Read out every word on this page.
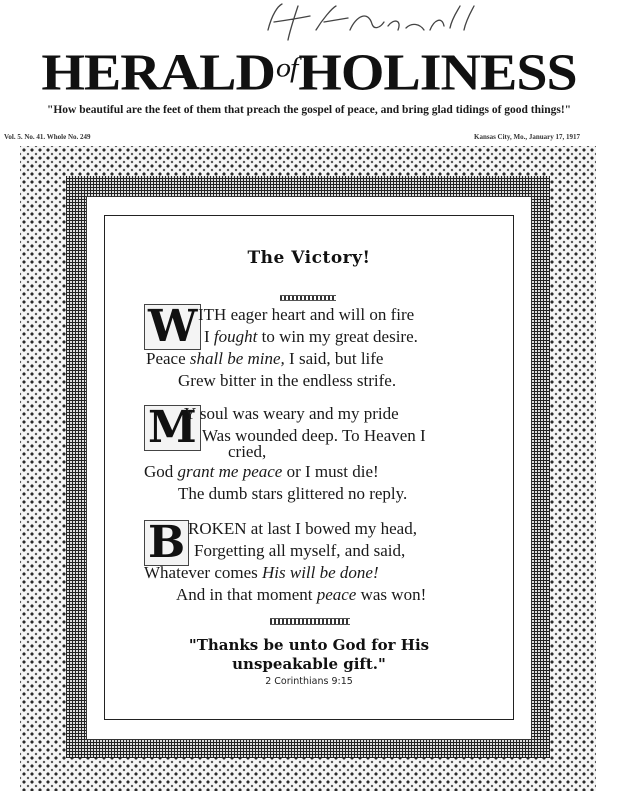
HERALDofHOLINESS
"How beautiful are the feet of them that preach the gospel of peace, and bring glad tidings of good things!"
Vol. 5. No. 41. Whole No. 249	Kansas City, Mo., January 17, 1917
The Victory!
W ITH eager heart and will on fire
I fought to win my great desire.
Peace shall be mine, I said, but life
Grew bitter in the endless strife.
M
Y soul was weary and my pride
Was wounded deep. To Heaven I
cried,
God grant me peace or I must die!
The dumb stars glittered no reply.
B ROKEN at last I bowed my head,
Forgetting all myself, and said,
Whatever comes His will be done!
And in that moment peace was won!
"Thanks be unto God for His
unspeakable gift."
2 Corinthians 9:15
